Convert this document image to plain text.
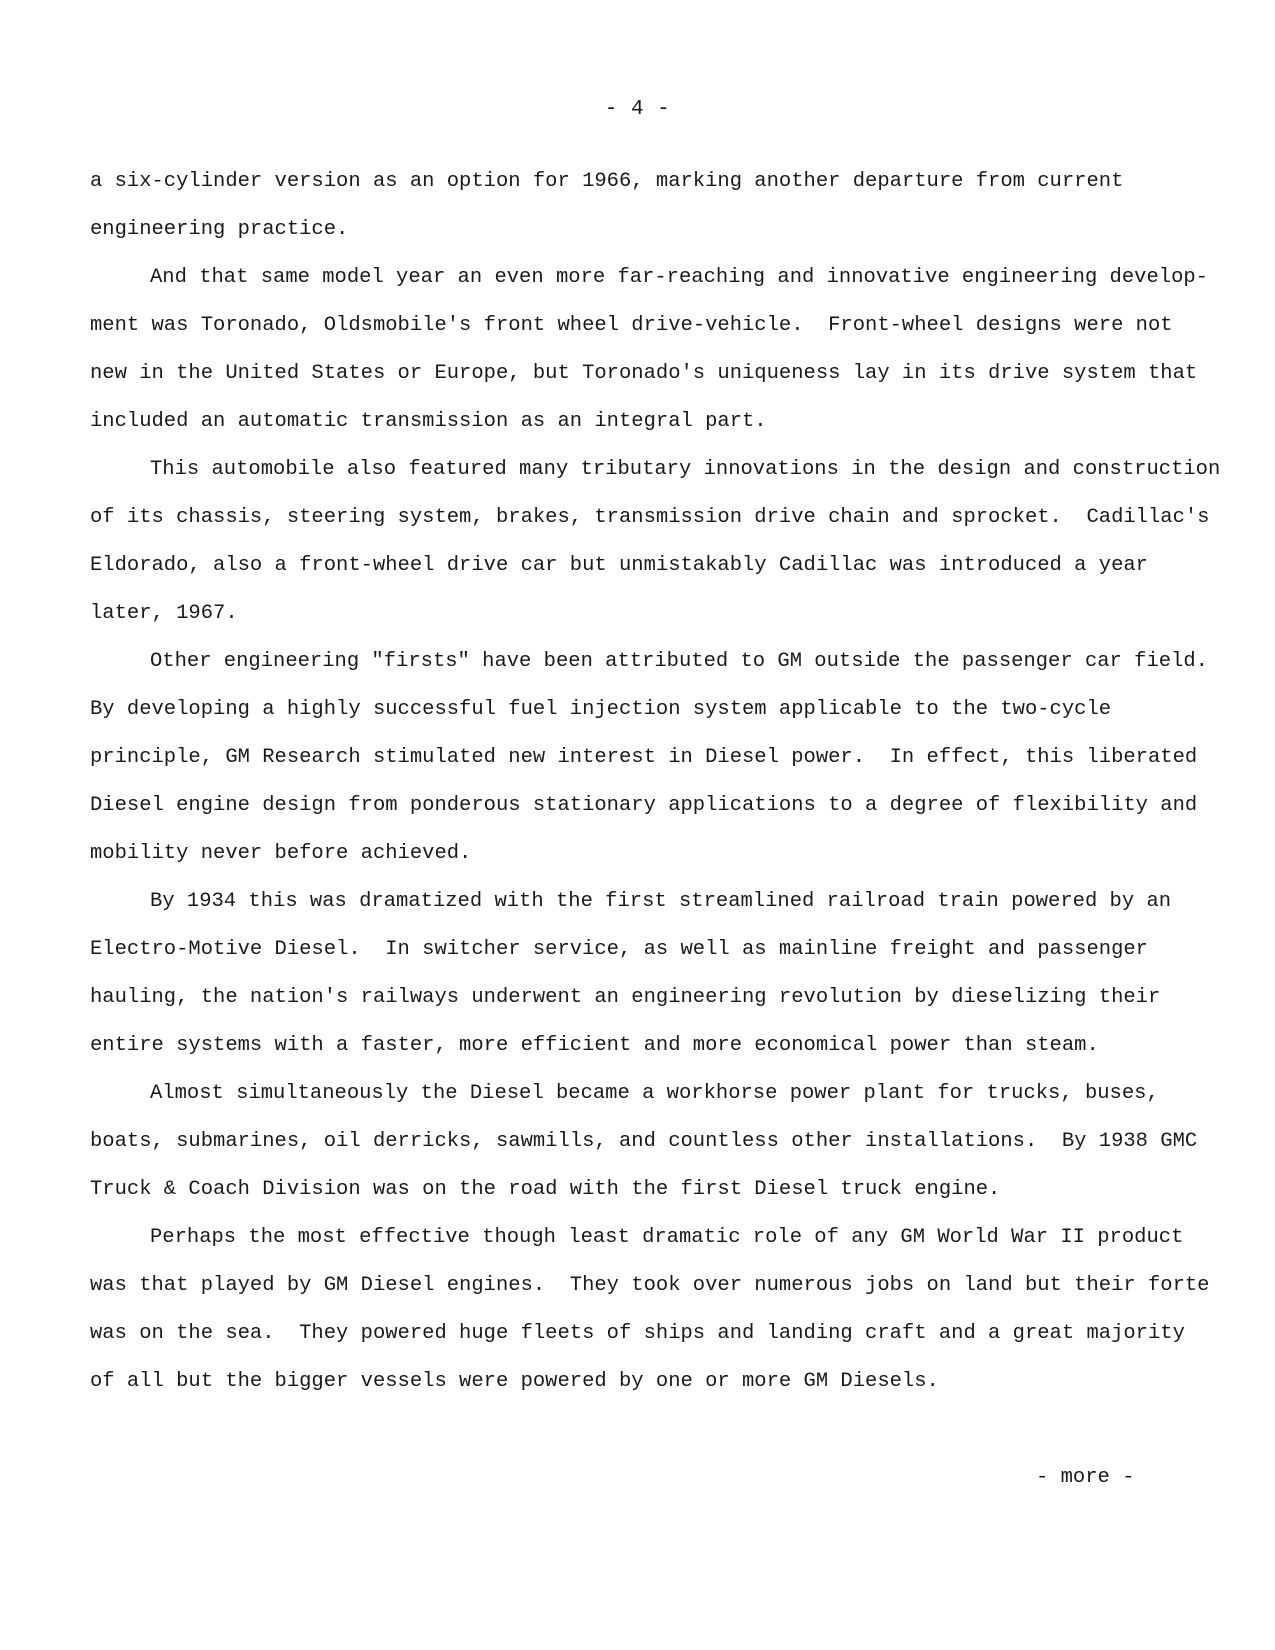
- 4 -

a six-cylinder version as an option for 1966, marking another departure from current

engineering practice.

And that same model year an even more far-reaching and innovative engineering develop-

ment was Toronado, Oldsmobile's front wheel drive-vehicle.  Front-wheel designs were not

new in the United States or Europe, but Toronado's uniqueness lay in its drive system that

included an automatic transmission as an integral part.

This automobile also featured many tributary innovations in the design and construction

of its chassis, steering system, brakes, transmission drive chain and sprocket.  Cadillac's

Eldorado, also a front-wheel drive car but unmistakably Cadillac was introduced a year

later, 1967.

Other engineering "firsts" have been attributed to GM outside the passenger car field.

By developing a highly successful fuel injection system applicable to the two-cycle

principle, GM Research stimulated new interest in Diesel power.  In effect, this liberated

Diesel engine design from ponderous stationary applications to a degree of flexibility and

mobility never before achieved.

By 1934 this was dramatized with the first streamlined railroad train powered by an

Electro-Motive Diesel.  In switcher service, as well as mainline freight and passenger

hauling, the nation's railways underwent an engineering revolution by dieselizing their

entire systems with a faster, more efficient and more economical power than steam.

Almost simultaneously the Diesel became a workhorse power plant for trucks, buses,

boats, submarines, oil derricks, sawmills, and countless other installations.  By 1938 GMC

Truck & Coach Division was on the road with the first Diesel truck engine.

Perhaps the most effective though least dramatic role of any GM World War II product

was that played by GM Diesel engines.  They took over numerous jobs on land but their forte

was on the sea.  They powered huge fleets of ships and landing craft and a great majority

of all but the bigger vessels were powered by one or more GM Diesels.

- more -
